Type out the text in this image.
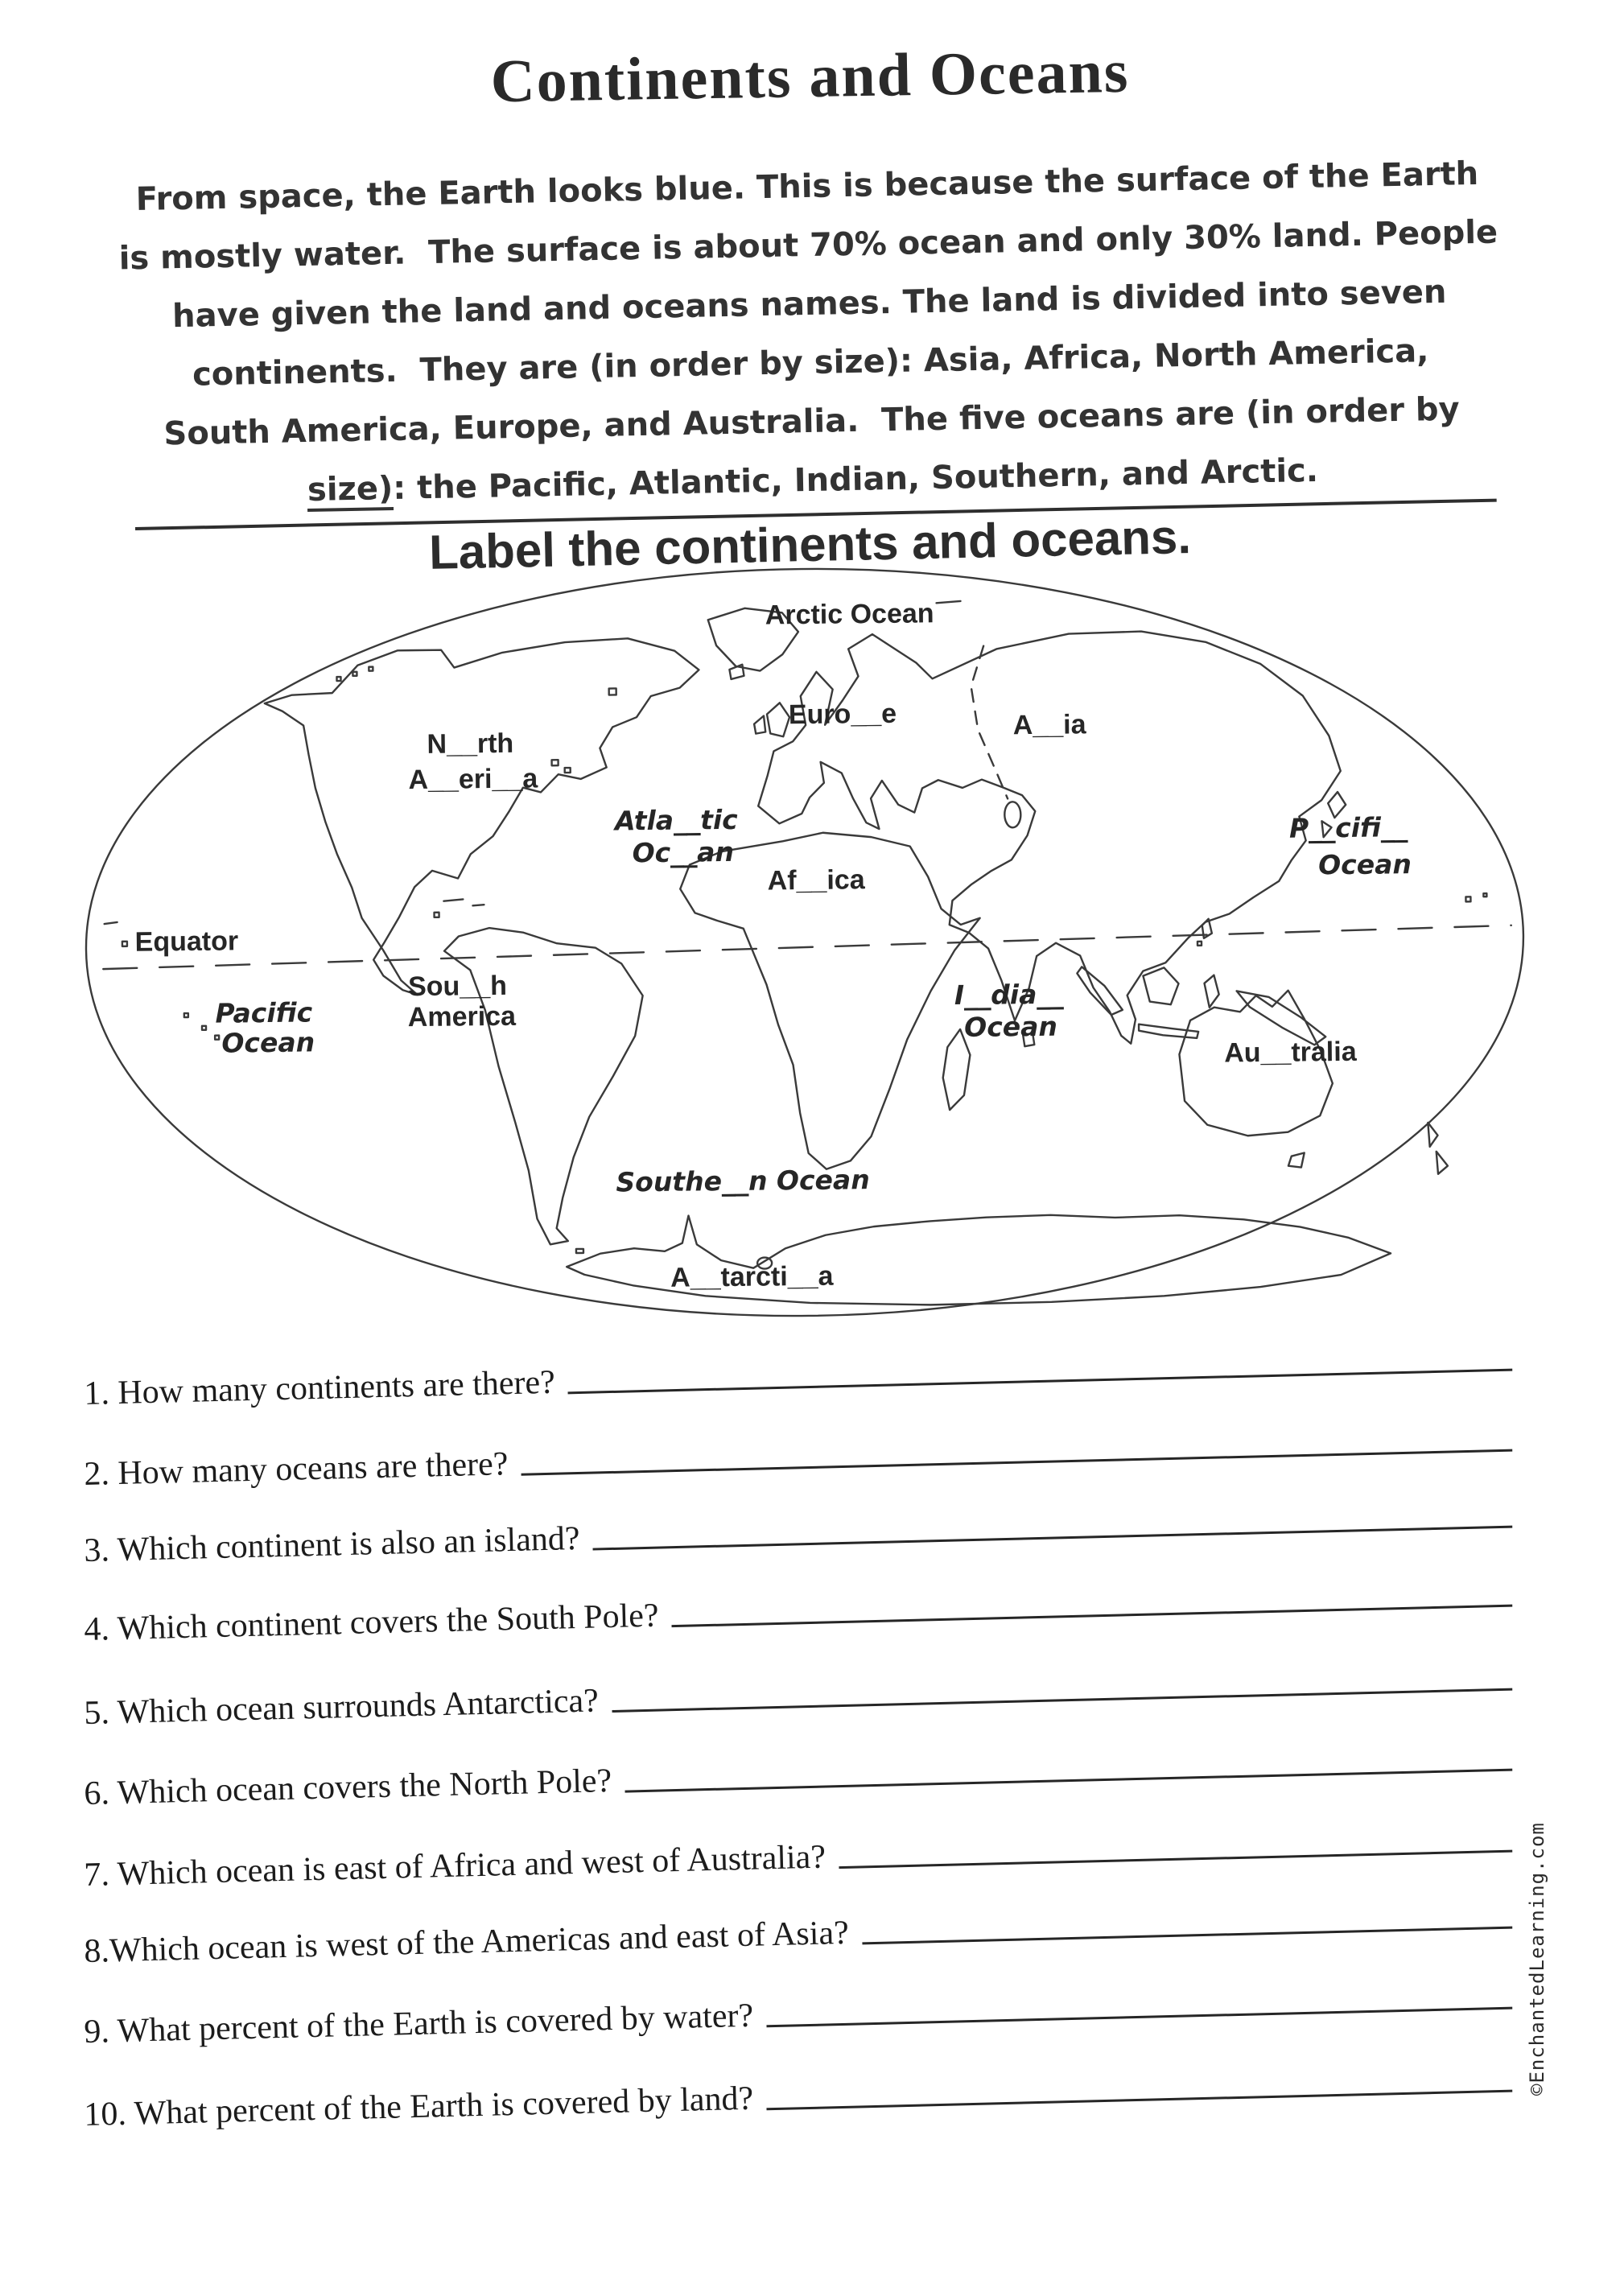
Continents and Oceans
From space, the Earth looks blue. This is because the surface of the Earth
is mostly water.  The surface is about 70% ocean and only 30% land. People
have given the land and oceans names. The land is divided into seven
continents.  They are (in order by size): Asia, Africa, North America,
South America, Europe, and Australia.  The five oceans are (in order by
size): the Pacific, Atlantic, Indian, Southern, and Arctic.
Label the continents and oceans.
Arctic Ocean
Euro__e	A__ia
N__rth
A__eri__a
Atla__tic
Oc__an
P__cifi__
Ocean
Af__ica
Equator
Pacific
Ocean
Sou__h
America
I__dia__
Ocean
Au__tralia
Southe__n Ocean
A__tarcti__a
1. How many continents are there?
2. How many oceans are there?
3. Which continent is also an island?
4. Which continent covers the South Pole?
5. Which ocean surrounds Antarctica?
6. Which ocean covers the North Pole?
7. Which ocean is east of Africa and west of Australia?
8.Which ocean is west of the Americas and east of Asia?
9. What percent of the Earth is covered by water?
10. What percent of the Earth is covered by land?
©EnchantedLearning.com
